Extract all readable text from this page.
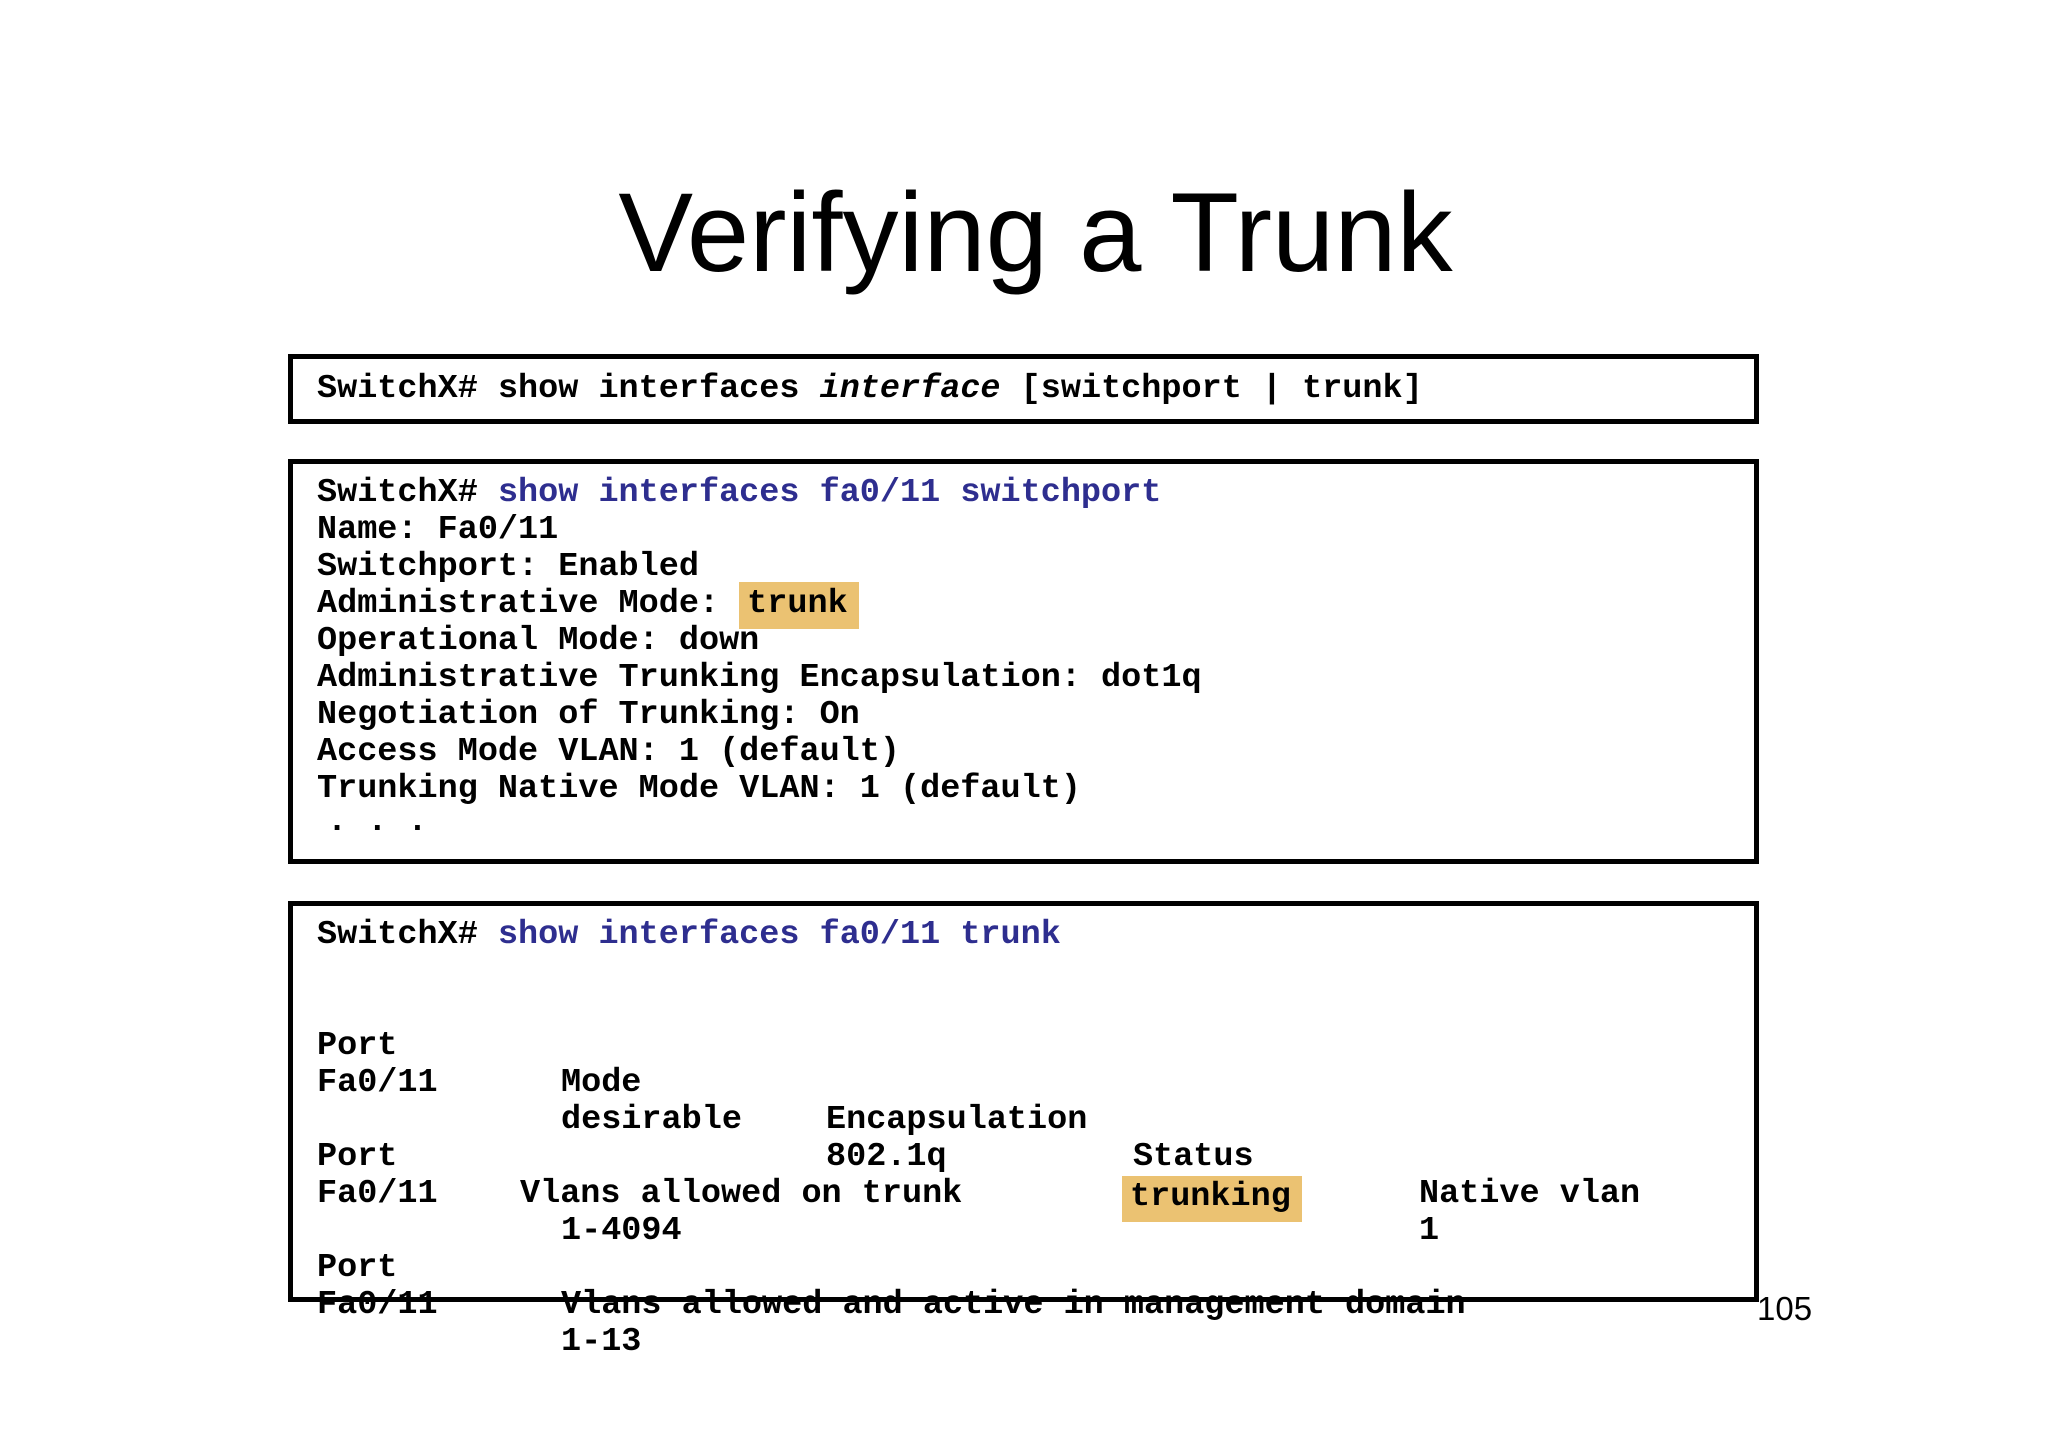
Verifying a Trunk
SwitchX# show interfaces interface [switchport | trunk]
SwitchX# show interfaces fa0/11 switchport
Name: Fa0/11
Switchport: Enabled
Administrative Mode: trunk
Operational Mode: down
Administrative Trunking Encapsulation: dot1q
Negotiation of Trunking: On
Access Mode VLAN: 1 (default)
Trunking Native Mode VLAN: 1 (default)
. . .
SwitchX# show interfaces fa0/11 trunk

Port

Mode

Encapsulation

Status

Native vlan

Fa0/11

desirable

802.1q

trunking

1

Port

Vlans allowed on trunk

Fa0/11

1-4094

Port

Vlans allowed and active in management domain

Fa0/11

1-13

105
